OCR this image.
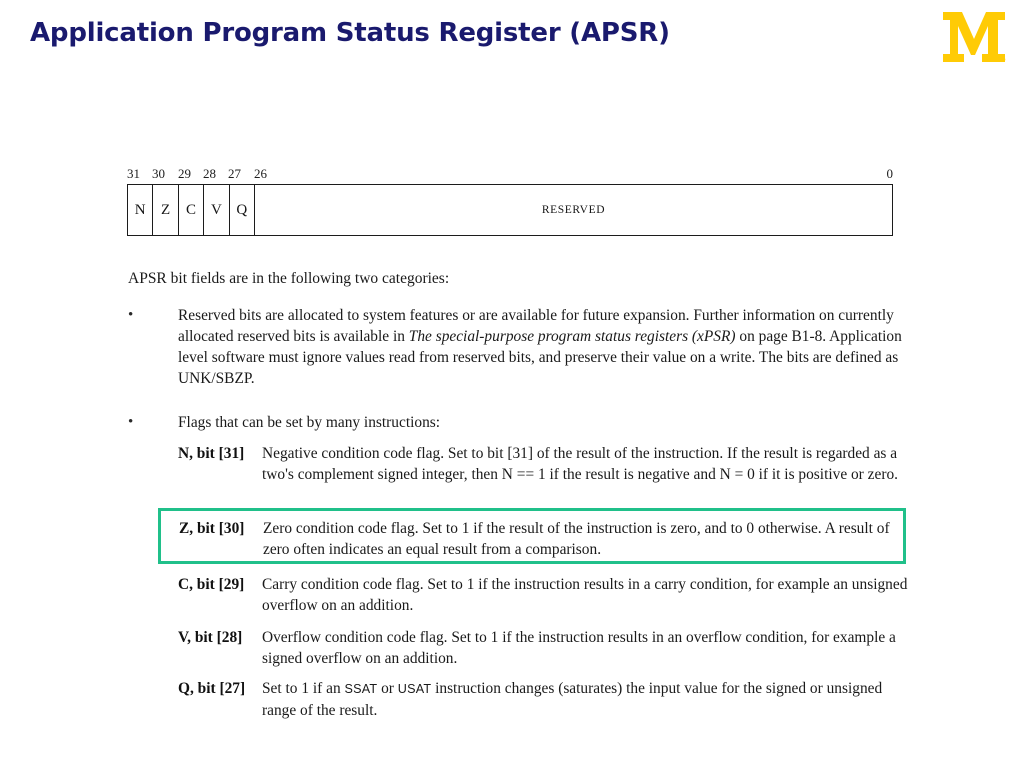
Application Program Status Register (APSR)
31 30 29 28 27 26	0
N	Z	C V Q	RESERVED
APSR bit fields are in the following two categories:
•	Reserved bits are allocated to system features or are available for future expansion. Further information on currently allocated reserved bits is available in The special-purpose program status registers (xPSR) on page B1-8. Application level software must ignore values read from reserved bits, and preserve their value on a write. The bits are defined as UNK/SBZP.
•	Flags that can be set by many instructions:
N, bit [31]	Negative condition code flag. Set to bit [31] of the result of the instruction. If the result is regarded as a two's complement signed integer, then N == 1 if the result is negative and N = 0 if it is positive or zero.
Z, bit [30]	Zero condition code flag. Set to 1 if the result of the instruction is zero, and to 0 otherwise. A result of zero often indicates an equal result from a comparison.
C, bit [29]	Carry condition code flag. Set to 1 if the instruction results in a carry condition, for example an unsigned overflow on an addition.
V, bit [28]	Overflow condition code flag. Set to 1 if the instruction results in an overflow condition, for example a signed overflow on an addition.
Q, bit [27]	Set to 1 if an SSAT or USAT instruction changes (saturates) the input value for the signed or unsigned range of the result.
